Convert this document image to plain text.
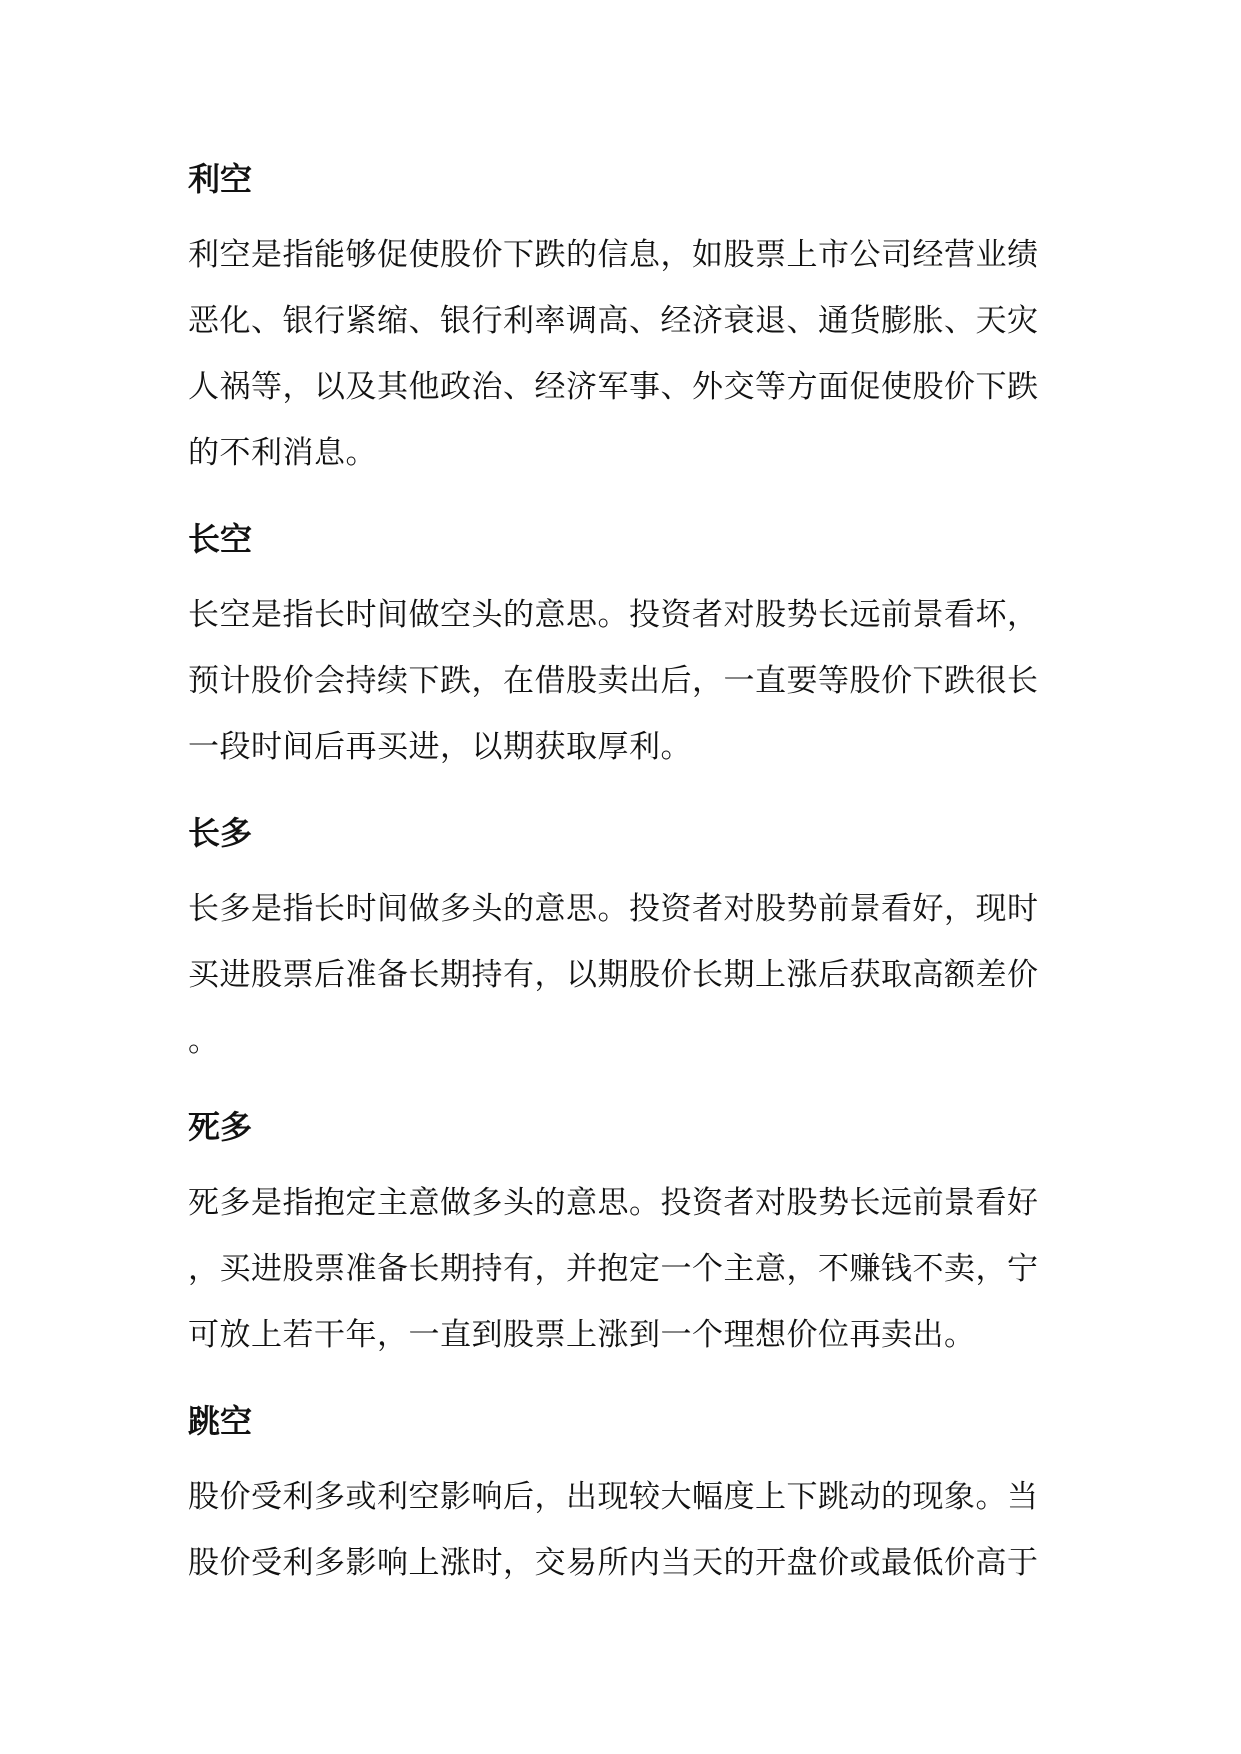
利空
利空是指能够促使股价下跌的信息，如股票上市公司经营业绩
恶化、银行紧缩、银行利率调高、经济衰退、通货膨胀、天灾
人祸等，以及其他政治、经济军事、外交等方面促使股价下跌
的不利消息。
长空
长空是指长时间做空头的意思。投资者对股势长远前景看坏，
预计股价会持续下跌，在借股卖出后，一直要等股价下跌很长
一段时间后再买进，以期获取厚利。
长多
长多是指长时间做多头的意思。投资者对股势前景看好，现时
买进股票后准备长期持有，以期股价长期上涨后获取高额差价
。
死多
死多是指抱定主意做多头的意思。投资者对股势长远前景看好
，买进股票准备长期持有，并抱定一个主意，不赚钱不卖，宁
可放上若干年，一直到股票上涨到一个理想价位再卖出。
跳空
股价受利多或利空影响后，出现较大幅度上下跳动的现象。当
股价受利多影响上涨时，交易所内当天的开盘价或最低价高于
